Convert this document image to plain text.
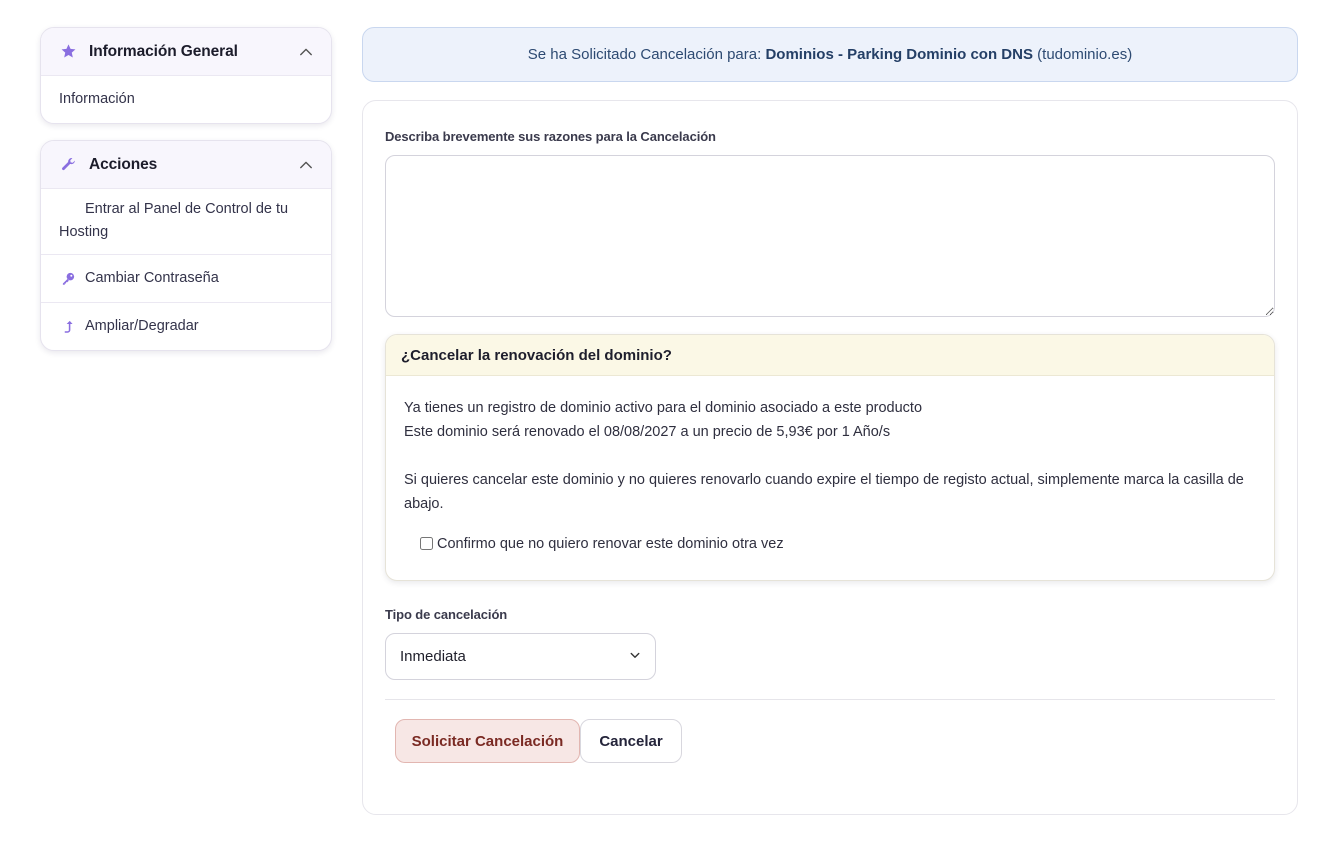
Información General
Información
Acciones
Entrar al Panel de Control de tu Hosting
Cambiar Contraseña
Ampliar/Degradar
Se ha Solicitado Cancelación para: Dominios - Parking Dominio con DNS (tudominio.es)
Describa brevemente sus razones para la Cancelación
¿Cancelar la renovación del dominio?
Ya tienes un registro de dominio activo para el dominio asociado a este producto
Este dominio será renovado el 08/08/2027 a un precio de 5,93€ por 1 Año/s
Si quieres cancelar este dominio y no quieres renovarlo cuando expire el tiempo de registo actual, simplemente marca la casilla de abajo.
Confirmo que no quiero renovar este dominio otra vez
Tipo de cancelación
Inmediata
Solicitar Cancelación	Cancelar
